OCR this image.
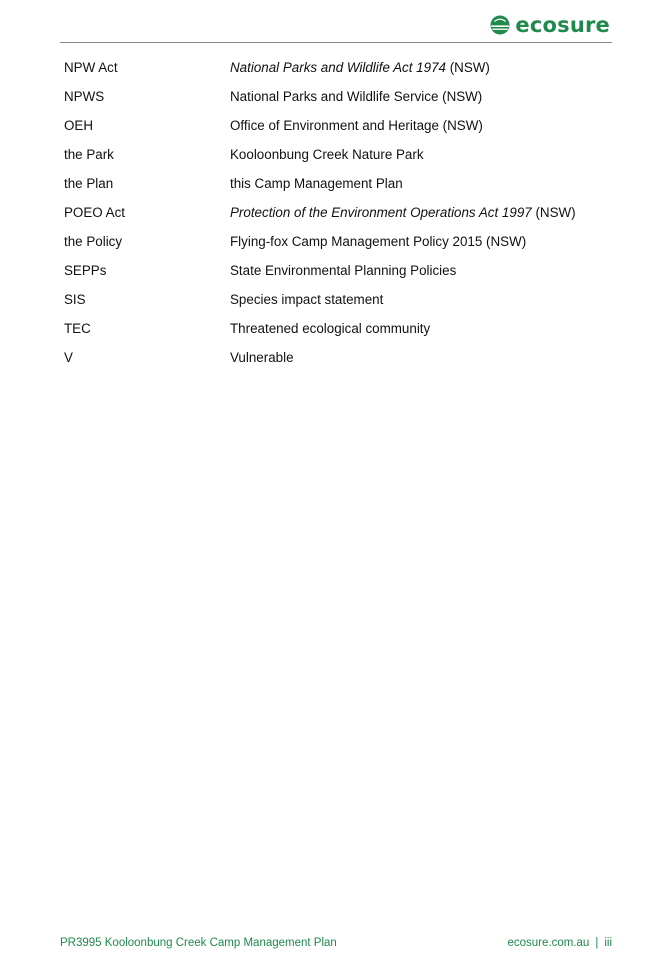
ecosure
NPW Act	National Parks and Wildlife Act 1974 (NSW)
NPWS	National Parks and Wildlife Service (NSW)
OEH	Office of Environment and Heritage (NSW)
the Park	Kooloonbung Creek Nature Park
the Plan	this Camp Management Plan
POEO Act	Protection of the Environment Operations Act 1997 (NSW)
the Policy	Flying-fox Camp Management Policy 2015 (NSW)
SEPPs	State Environmental Planning Policies
SIS	Species impact statement
TEC	Threatened ecological community
V	Vulnerable
PR3995 Kooloonbung Creek Camp Management Plan	ecosure.com.au | iii
